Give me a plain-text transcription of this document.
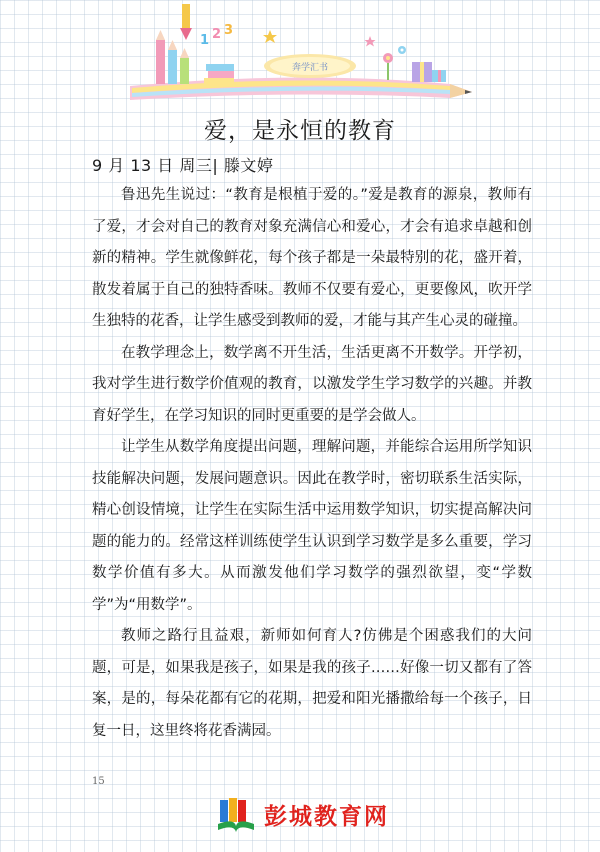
1 2 3
奔学汇书
爱，是永恒的教育
9 月 13 日 周三| 滕文婷

鲁迅先生说过：“教育是根植于爱的。”爱是教育的源泉，教师有了爱，才会对自己的教育对象充满信心和爱心，才会有追求卓越和创新的精神。学生就像鲜花，每个孩子都是一朵最特别的花，盛开着，散发着属于自己的独特香味。教师不仅要有爱心，更要像风，吹开学生独特的花香，让学生感受到教师的爱，才能与其产生心灵的碰撞。

在教学理念上，数学离不开生活，生活更离不开数学。开学初，我对学生进行数学价值观的教育，以激发学生学习数学的兴趣。并教育好学生，在学习知识的同时更重要的是学会做人。

让学生从数学角度提出问题，理解问题，并能综合运用所学知识技能解决问题，发展问题意识。因此在教学时，密切联系生活实际，精心创设情境，让学生在实际生活中运用数学知识，切实提高解决问题的能力的。经常这样训练使学生认识到学习数学是多么重要，学习数学价值有多大。从而激发他们学习数学的强烈欲望，变“学数学”为“用数学”。

教师之路行且益艰，新师如何育人?仿佛是个困惑我们的大问题，可是，如果我是孩子，如果是我的孩子……好像一切又都有了答案，是的，每朵花都有它的花期，把爱和阳光播撒给每一个孩子，日复一日，这里终将花香满园。

15
彭城教育网
